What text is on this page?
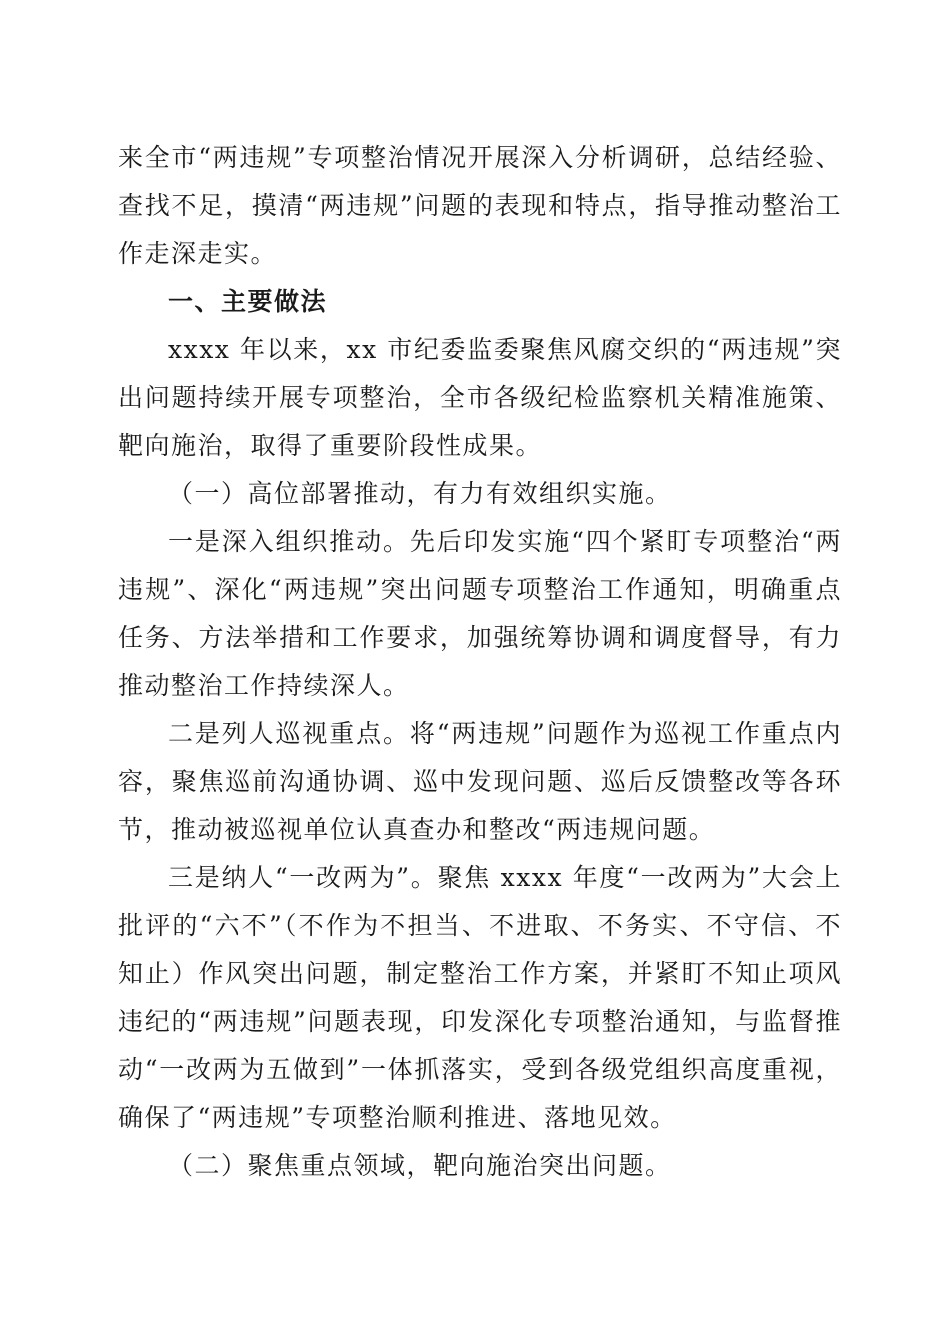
来全市“两违规”专项整治情况开展深入分析调研，总结经验、查找不足，摸清“两违规”问题的表现和特点，指导推动整治工作走深走实。

一、主要做法

xxxx 年以来，xx 市纪委监委聚焦风腐交织的“两违规”突出问题持续开展专项整治，全市各级纪检监察机关精准施策、靶向施治，取得了重要阶段性成果。

（一）高位部署推动，有力有效组织实施。

一是深入组织推动。先后印发实施“四个紧盯专项整治“两违规”、深化“两违规”突出问题专项整治工作通知，明确重点任务、方法举措和工作要求，加强统筹协调和调度督导，有力推动整治工作持续深人。

二是列人巡视重点。将“两违规”问题作为巡视工作重点内容，聚焦巡前沟通协调、巡中发现问题、巡后反馈整改等各环节，推动被巡视单位认真查办和整改“两违规问题。

三是纳人“一改两为”。聚焦 xxxx 年度“一改两为”大会上批评的“六不”（不作为不担当、不进取、不务实、不守信、不知止）作风突出问题，制定整治工作方案，并紧盯不知止项风违纪的“两违规”问题表现，印发深化专项整治通知，与监督推动“一改两为五做到”一体抓落实，受到各级党组织高度重视，确保了“两违规”专项整治顺利推进、落地见效。

（二）聚焦重点领域，靶向施治突出问题。
